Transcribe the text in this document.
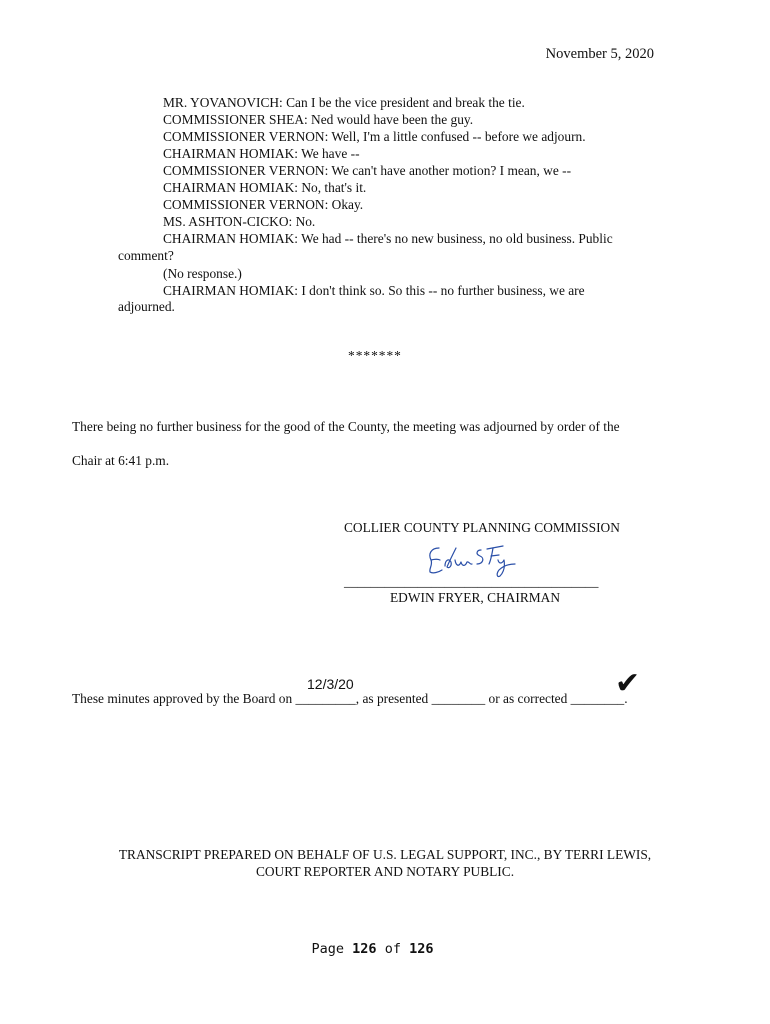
November 5, 2020
MR. YOVANOVICH: Can I be the vice president and break the tie.
COMMISSIONER SHEA: Ned would have been the guy.
COMMISSIONER VERNON: Well, I'm a little confused -- before we adjourn.
CHAIRMAN HOMIAK: We have --
COMMISSIONER VERNON: We can't have another motion? I mean, we --
CHAIRMAN HOMIAK: No, that's it.
COMMISSIONER VERNON: Okay.
MS. ASHTON-CICKO: No.
CHAIRMAN HOMIAK: We had -- there's no new business, no old business. Public
comment?
(No response.)
CHAIRMAN HOMIAK: I don't think so. So this -- no further business, we are
adjourned.
*******
There being no further business for the good of the County, the meeting was adjourned by order of the
Chair at 6:41 p.m.
COLLIER COUNTY PLANNING COMMISSION
______________________________________
EDWIN FRYER, CHAIRMAN
12/3/20	✔
These minutes approved by the Board on _________, as presented ________ or as corrected ________.
TRANSCRIPT PREPARED ON BEHALF OF U.S. LEGAL SUPPORT, INC., BY TERRI LEWIS,
COURT REPORTER AND NOTARY PUBLIC.
Page 126 of 126
